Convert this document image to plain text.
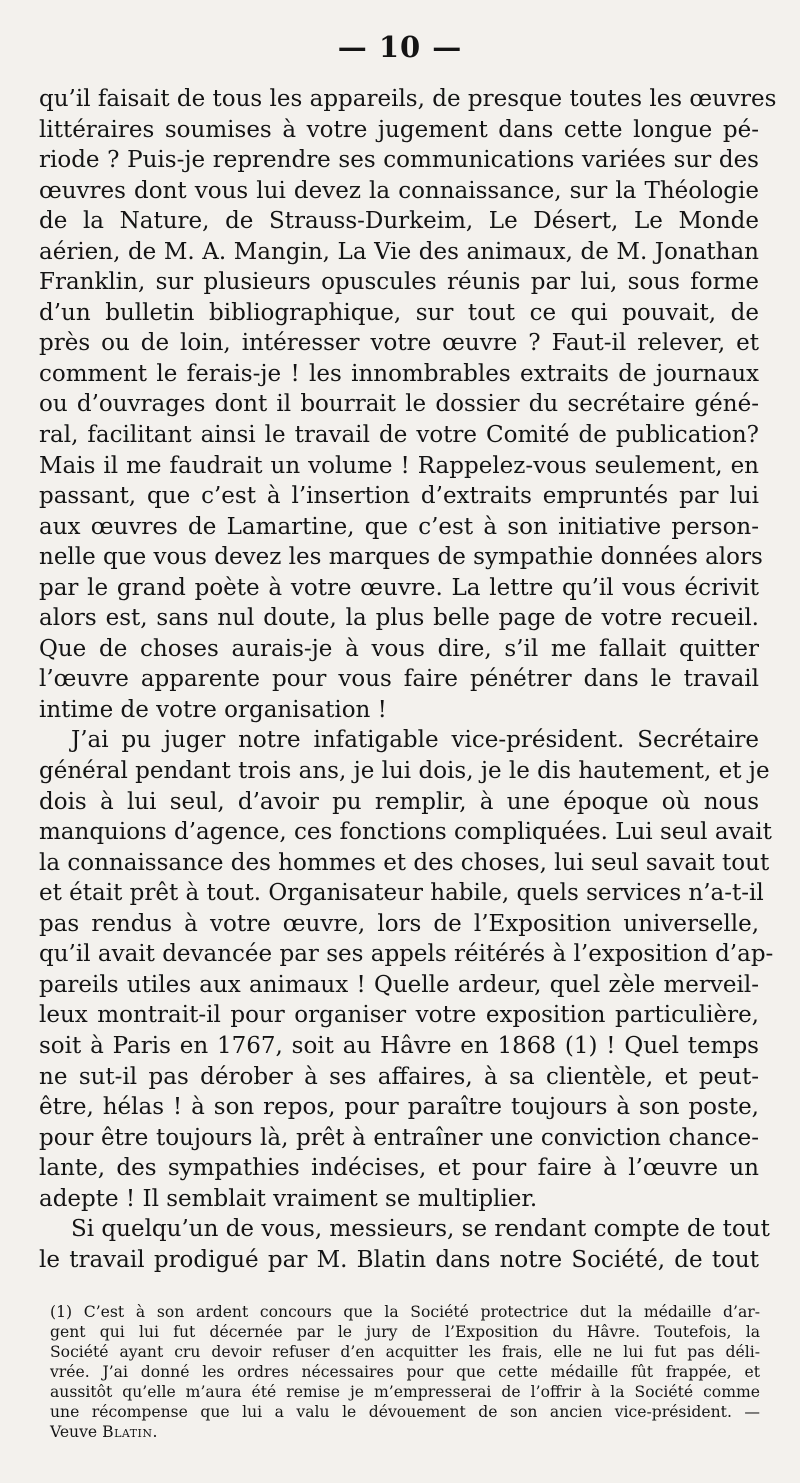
— 10 —
qu’il faisait de tous les appareils, de presque toutes les œuvres
littéraires soumises à votre jugement dans cette longue pé-
riode ? Puis-je reprendre ses communications variées sur des
œuvres dont vous lui devez la connaissance, sur la Théologie
de la Nature, de Strauss-Durkeim, Le Désert, Le Monde
aérien, de M. A. Mangin, La Vie des animaux, de M. Jonathan
Franklin, sur plusieurs opuscules réunis par lui, sous forme
d’un bulletin bibliographique, sur tout ce qui pouvait, de
près ou de loin, intéresser votre œuvre ? Faut-il relever, et
comment le ferais-je ! les innombrables extraits de journaux
ou d’ouvrages dont il bourrait le dossier du secrétaire géné-
ral, facilitant ainsi le travail de votre Comité de publication?
Mais il me faudrait un volume ! Rappelez-vous seulement, en
passant, que c’est à l’insertion d’extraits empruntés par lui
aux œuvres de Lamartine, que c’est à son initiative person-
nelle que vous devez les marques de sympathie données alors
par le grand poète à votre œuvre. La lettre qu’il vous écrivit
alors est, sans nul doute, la plus belle page de votre recueil.
Que de choses aurais-je à vous dire, s’il me fallait quitter
l’œuvre apparente pour vous faire pénétrer dans le travail
intime de votre organisation !
J’ai pu juger notre infatigable vice-président. Secrétaire
général pendant trois ans, je lui dois, je le dis hautement, et je
dois à lui seul, d’avoir pu remplir, à une époque où nous
manquions d’agence, ces fonctions compliquées. Lui seul avait
la connaissance des hommes et des choses, lui seul savait tout
et était prêt à tout. Organisateur habile, quels services n’a-t-il
pas rendus à votre œuvre, lors de l’Exposition universelle,
qu’il avait devancée par ses appels réitérés à l’exposition d’ap-
pareils utiles aux animaux ! Quelle ardeur, quel zèle merveil-
leux montrait-il pour organiser votre exposition particulière,
soit à Paris en 1767, soit au Hâvre en 1868 (1) ! Quel temps
ne sut-il pas dérober à ses affaires, à sa clientèle, et peut-
être, hélas ! à son repos, pour paraître toujours à son poste,
pour être toujours là, prêt à entraîner une conviction chance-
lante, des sympathies indécises, et pour faire à l’œuvre un
adepte ! Il semblait vraiment se multiplier.
Si quelqu’un de vous, messieurs, se rendant compte de tout
le travail prodigué par M. Blatin dans notre Société, de tout
(1) C’est à son ardent concours que la Société protectrice dut la médaille d’ar-
gent qui lui fut décernée par le jury de l’Exposition du Hâvre. Toutefois, la
Société ayant cru devoir refuser d’en acquitter les frais, elle ne lui fut pas déli-
vrée. J’ai donné les ordres nécessaires pour que cette médaille fût frappée, et
aussitôt qu’elle m’aura été remise je m’empresserai de l’offrir à la Société comme
une récompense que lui a valu le dévouement de son ancien vice-président. —
Veuve Blatin.
